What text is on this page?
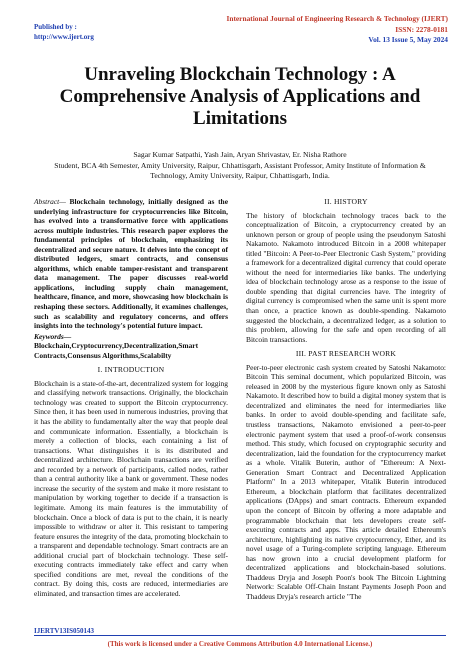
Published by :
http://www.ijert.org
International Journal of Engineering Research & Technology (IJERT)
ISSN: 2278-0181
Vol. 13 Issue 5, May 2024
Unraveling Blockchain Technology : A Comprehensive Analysis of Applications and Limitations
Sagar Kumar Satpathi, Yash Jain, Aryan Shrivastav, Er. Nisha Rathore
Student, BCA 4th Semester, Amity University, Raipur, Chhattisgarh, Assistant Professor, Amity Institute of Information & Technology, Amity University, Raipur, Chhattisgarh, India.

Abstract— Blockchain technology, initially designed as the underlying infrastructure for cryptocurrencies like Bitcoin, has evolved into a transformative force with applications across multiple industries. This research paper explores the fundamental principles of blockchain, emphasizing its decentralized and secure nature. It delves into the concept of distributed ledgers, smart contracts, and consensus algorithms, which enable tamper-resistant and transparent data management. The paper discusses real-world applications, including supply chain management, healthcare, finance, and more, showcasing how blockchain is reshaping these sectors. Additionally, it examines challenges, such as scalability and regulatory concerns, and offers insights into the technology's potential future impact.

Keywords—Blockchain,Cryptocurrency,Decentralization,Smart Contracts,Consensus Algorithms,Scalabilty

I. INTRODUCTION

Blockchain is a state-of-the-art, decentralized system for logging and classifying network transactions. Originally, the blockchain technology was created to support the Bitcoin cryptocurrency. Since then, it has been used in numerous industries, proving that it has the ability to fundamentally alter the way that people deal and communicate information. Essentially, a blockchain is merely a collection of blocks, each containing a list of transactions. What distinguishes it is its distributed and decentralized architecture. Blockchain transactions are verified and recorded by a network of participants, called nodes, rather than a central authority like a bank or government. These nodes increase the security of the system and make it more resistant to manipulation by working together to decide if a transaction is legitimate. Among its main features is the immutability of blockchain. Once a block of data is put to the chain, it is nearly impossible to withdraw or alter it. This resistant to tampering feature ensures the integrity of the data, promoting blockchain to a transparent and dependable technology. Smart contracts are an additional crucial part of blockchain technology. These self-executing contracts immediately take effect and carry when specified conditions are met, reveal the conditions of the contract. By doing this, costs are reduced, intermediaries are eliminated, and transaction times are accelerated.

II. HISTORY

The history of blockchain technology traces back to the conceptualization of Bitcoin, a cryptocurrency created by an unknown person or group of people using the pseudonym Satoshi Nakamoto. Nakamoto introduced Bitcoin in a 2008 whitepaper titled "Bitcoin: A Peer-to-Peer Electronic Cash System," providing a framework for a decentralized digital currency that could operate without the need for intermediaries like banks. The underlying idea of blockchain technology arose as a response to the issue of double spending that digital currencies have. The integrity of digital currency is compromised when the same unit is spent more than once, a practice known as double-spending. Nakamoto suggested the blockchain, a decentralized ledger, as a solution to this problem, allowing for the safe and open recording of all Bitcoin transactions.

III. PAST RESEARCH WORK

Peer-to-peer electronic cash system created by Satoshi Nakamoto: Bitcoin This seminal document, which popularized Bitcoin, was released in 2008 by the mysterious figure known only as Satoshi Nakamoto. It described how to build a digital money system that is decentralized and eliminates the need for intermediaries like banks. In order to avoid double-spending and facilitate safe, trustless transactions, Nakamoto envisioned a peer-to-peer electronic payment system that used a proof-of-work consensus method. This study, which focused on cryptographic security and decentralization, laid the foundation for the cryptocurrency market as a whole. Vitalik Buterin, author of "Ethereum: A Next-Generation Smart Contract and Decentralized Application Platform" In a 2013 whitepaper, Vitalik Buterin introduced Ethereum, a blockchain platform that facilitates decentralized applications (DApps) and smart contracts. Ethereum expanded upon the concept of Bitcoin by offering a more adaptable and programmable blockchain that lets developers create self-executing contracts and apps. This article detailed Ethereum's architecture, highlighting its native cryptocurrency, Ether, and its novel usage of a Turing-complete scripting language. Ethereum has now grown into a crucial development platform for decentralized applications and blockchain-based solutions. Thaddeus Dryja and Joseph Poon's book The Bitcoin Lightning Network: Scalable Off-Chain Instant Payments Joseph Poon and Thaddeus Dryja's research article "The

IJERTV13IS050143
(This work is licensed under a Creative Commons Attribution 4.0 International License.)
